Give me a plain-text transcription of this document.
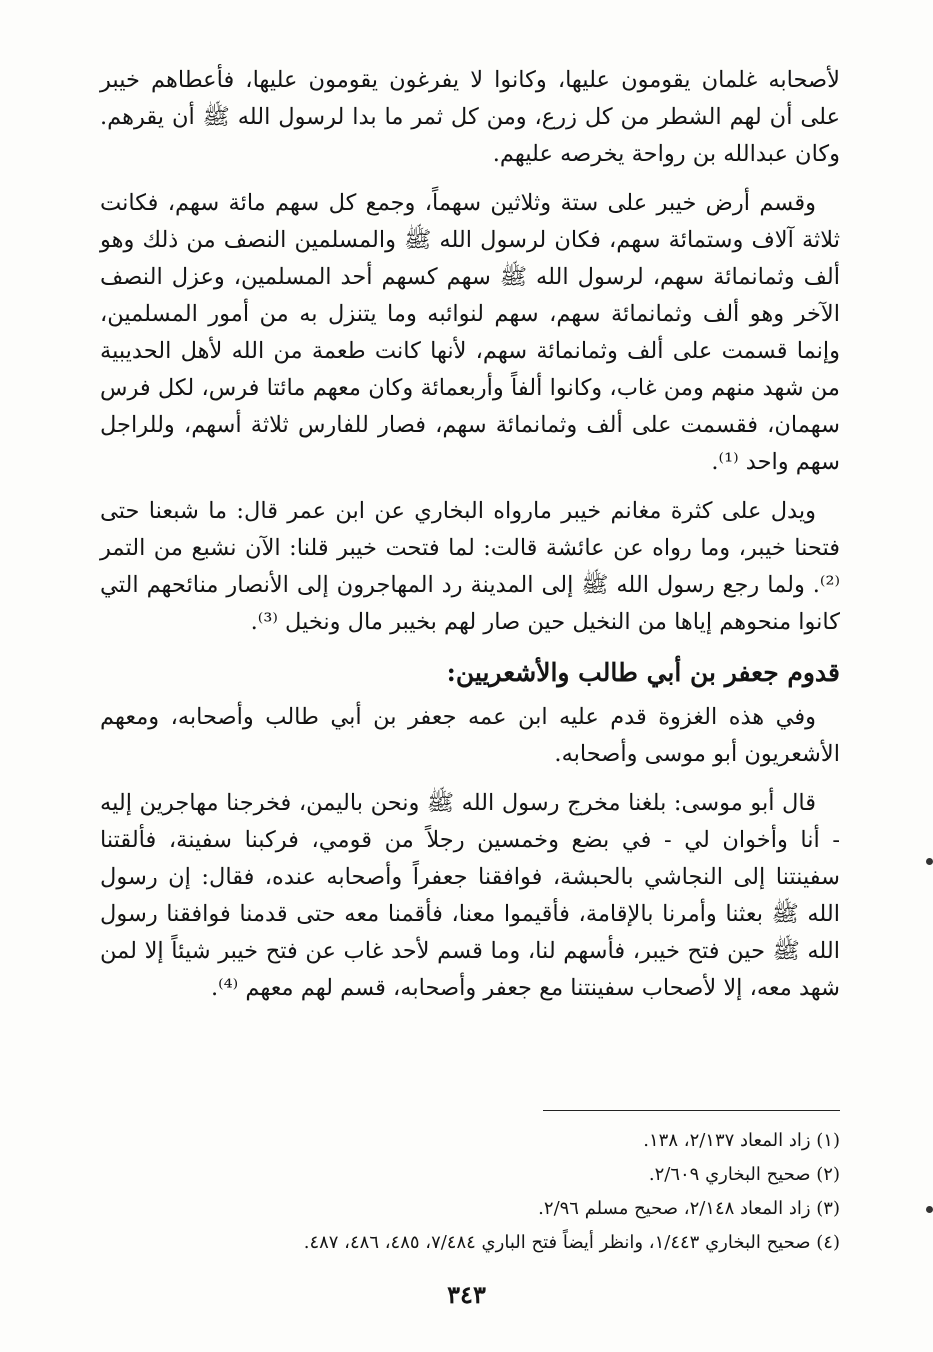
لأصحابه غلمان يقومون عليها، وكانوا لا يفرغون يقومون عليها، فأعطاهم خيبر على أن لهم الشطر من كل زرع، ومن كل ثمر ما بدا لرسول الله ﷺ أن يقرهم. وكان عبدالله بن رواحة يخرصه عليهم.

وقسم أرض خيبر على ستة وثلاثين سهماً، وجمع كل سهم مائة سهم، فكانت ثلاثة آلاف وستمائة سهم، فكان لرسول الله ﷺ والمسلمين النصف من ذلك وهو ألف وثمانمائة سهم، لرسول الله ﷺ سهم كسهم أحد المسلمين، وعزل النصف الآخر وهو ألف وثمانمائة سهم، سهم لنوائبه وما يتنزل به من أمور المسلمين، وإنما قسمت على ألف وثمانمائة سهم، لأنها كانت طعمة من الله لأهل الحديبية من شهد منهم ومن غاب، وكانوا ألفاً وأربعمائة وكان معهم مائتا فرس، لكل فرس سهمان، فقسمت على ألف وثمانمائة سهم، فصار للفارس ثلاثة أسهم، وللراجل سهم واحد ⁽¹⁾.

ويدل على كثرة مغانم خيبر مارواه البخاري عن ابن عمر قال: ما شبعنا حتى فتحنا خيبر، وما رواه عن عائشة قالت: لما فتحت خيبر قلنا: الآن نشبع من التمر ⁽²⁾. ولما رجع رسول الله ﷺ إلى المدينة رد المهاجرون إلى الأنصار منائحهم التي كانوا منحوهم إياها من النخيل حين صار لهم بخيبر مال ونخيل ⁽³⁾.

قدوم جعفر بن أبي طالب والأشعريين:

وفي هذه الغزوة قدم عليه ابن عمه جعفر بن أبي طالب وأصحابه، ومعهم الأشعريون أبو موسى وأصحابه.

قال أبو موسى: بلغنا مخرج رسول الله ﷺ ونحن باليمن، فخرجنا مهاجرين إليه - أنا وأخوان لي - في بضع وخمسين رجلاً من قومي، فركبنا سفينة، فألقتنا سفينتنا إلى النجاشي بالحبشة، فوافقنا جعفراً وأصحابه عنده، فقال: إن رسول الله ﷺ بعثنا وأمرنا بالإقامة، فأقيموا معنا، فأقمنا معه حتى قدمنا فوافقنا رسول الله ﷺ حين فتح خيبر، فأسهم لنا، وما قسم لأحد غاب عن فتح خيبر شيئاً إلا لمن شهد معه، إلا لأصحاب سفينتنا مع جعفر وأصحابه، قسم لهم معهم ⁽⁴⁾.

(١) زاد المعاد ٢/١٣٧، ١٣٨.

(٢) صحيح البخاري ٢/٦٠٩.

(٣) زاد المعاد ٢/١٤٨، صحيح مسلم ٢/٩٦.

(٤) صحيح البخاري ١/٤٤٣، وانظر أيضاً فتح الباري ٧/٤٨٤، ٤٨٥، ٤٨٦، ٤٨٧.

٣٤٣
